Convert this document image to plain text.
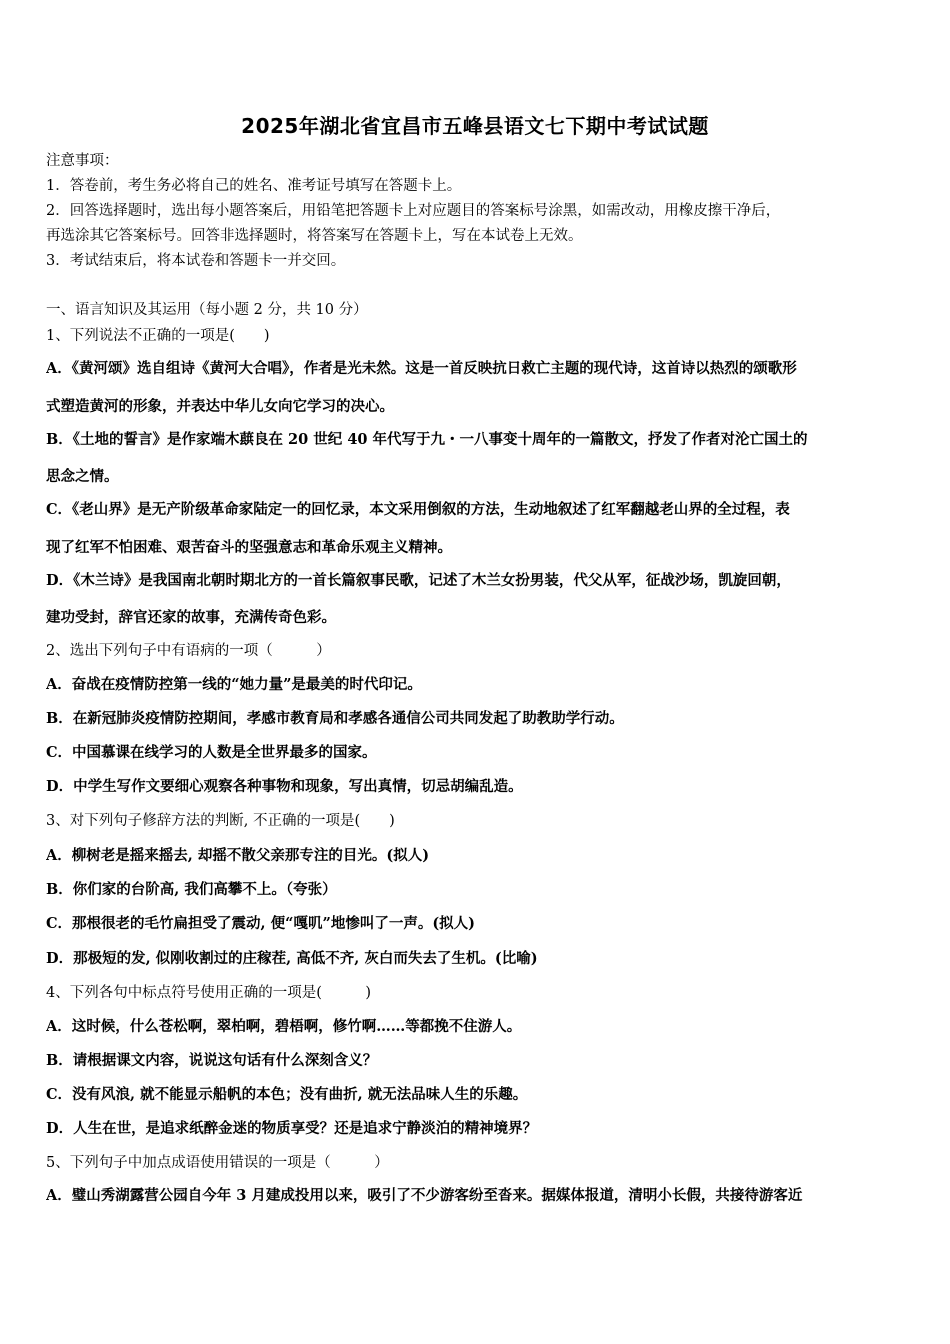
2025年湖北省宜昌市五峰县语文七下期中考试试题
注意事项：
1．答卷前，考生务必将自己的姓名、准考证号填写在答题卡上。
2．回答选择题时，选出每小题答案后，用铅笔把答题卡上对应题目的答案标号涂黑，如需改动，用橡皮擦干净后，
再选涂其它答案标号。回答非选择题时，将答案写在答题卡上，写在本试卷上无效。
3．考试结束后，将本试卷和答题卡一并交回。
一、语言知识及其运用（每小题 2 分，共 10 分）
1、下列说法不正确的一项是(　　)
A．《黄河颂》选自组诗《黄河大合唱》，作者是光未然。这是一首反映抗日救亡主题的现代诗，这首诗以热烈的颂歌形
式塑造黄河的形象，并表达中华儿女向它学习的决心。
B．《土地的誓言》是作家端木蕻良在 20 世纪 40 年代写于九・一八事变十周年的一篇散文，抒发了作者对沦亡国土的
思念之情。
C．《老山界》是无产阶级革命家陆定一的回忆录，本文采用倒叙的方法，生动地叙述了红军翻越老山界的全过程，表
现了红军不怕困难、艰苦奋斗的坚强意志和革命乐观主义精神。
D．《木兰诗》是我国南北朝时期北方的一首长篇叙事民歌，记述了木兰女扮男装，代父从军，征战沙场，凯旋回朝，
建功受封，辞官还家的故事，充满传奇色彩。
2、选出下列句子中有语病的一项（　　　）
A．奋战在疫情防控第一线的“她力量”是最美的时代印记。
B．在新冠肺炎疫情防控期间，孝感市教育局和孝感各通信公司共同发起了助教助学行动。
C．中国慕课在线学习的人数是全世界最多的国家。
D．中学生写作文要细心观察各种事物和现象，写出真情，切忌胡编乱造。
3、对下列句子修辞方法的判断, 不正确的一项是(　　)
A．柳树老是摇来摇去, 却摇不散父亲那专注的目光。(拟人)
B．你们家的台阶高, 我们高攀不上。（夸张）
C．那根很老的毛竹扁担受了震动, 便“嘎叽”地惨叫了一声。(拟人)
D．那极短的发, 似刚收割过的庄稼茬, 高低不齐, 灰白而失去了生机。(比喻)
4、下列各句中标点符号使用正确的一项是(　　　)
A．这时候，什么苍松啊，翠柏啊，碧梧啊，修竹啊……等都挽不住游人。
B．请根据课文内容，说说这句话有什么深刻含义？
C．没有风浪, 就不能显示船帆的本色；没有曲折, 就无法品味人生的乐趣。
D．人生在世，是追求纸醉金迷的物质享受？还是追求宁静淡泊的精神境界？
5、下列句子中加点成语使用错误的一项是（　　　）
A．璧山秀湖露营公园自今年 3 月建成投用以来，吸引了不少游客纷至沓来。据媒体报道，清明小长假，共接待游客近
